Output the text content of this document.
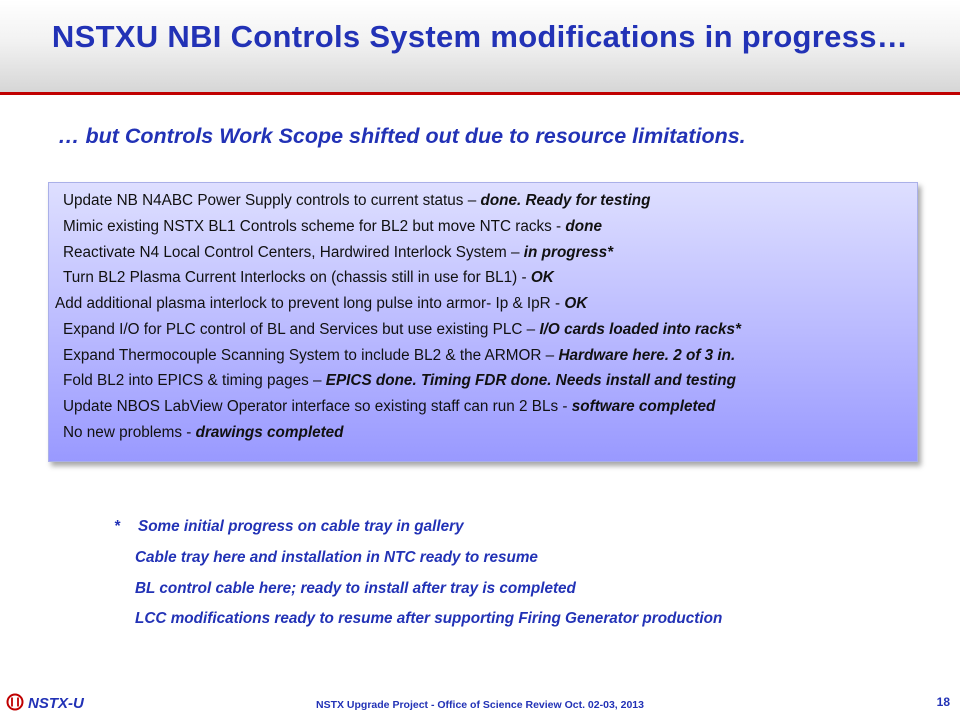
NSTXU NBI Controls System modifications in progress…
… but Controls Work Scope shifted out due to resource limitations.
Update NB N4ABC Power Supply controls to current status – done. Ready for testing
Mimic existing NSTX BL1 Controls scheme for BL2 but move NTC racks - done
Reactivate N4 Local Control Centers, Hardwired Interlock System – in progress*
Turn BL2 Plasma Current Interlocks on (chassis still in use for BL1) - OK
Add additional plasma interlock to prevent long pulse into armor- Ip & IpR - OK
Expand I/O for PLC control of BL and Services but use existing PLC – I/O cards loaded into racks*
Expand Thermocouple Scanning System to include BL2 & the ARMOR – Hardware here. 2 of 3 in.
Fold BL2 into EPICS & timing pages – EPICS done. Timing FDR done. Needs install and testing
Update NBOS LabView Operator interface so existing staff can run 2 BLs - software completed
No new problems - drawings completed
* Some initial progress on cable tray in gallery
Cable tray here and installation in NTC ready to resume
BL control cable here; ready to install after tray is completed
LCC modifications ready to resume after supporting Firing Generator production
NSTX-U	NSTX Upgrade Project - Office of Science Review Oct. 02-03, 2013	18
